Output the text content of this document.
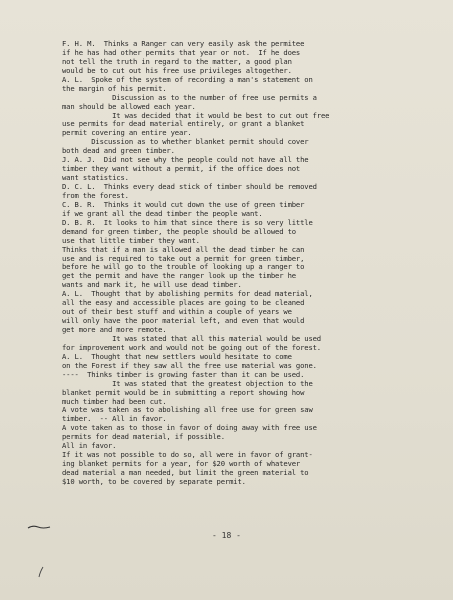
F. H. M.  Thinks a Ranger can very easily ask the permitee
if he has had other permits that year or not.  If he does
not tell the truth in regard to the matter, a good plan
would be to cut out his free use privileges altogether.
A. L.  Spoke of the system of recording a man's statement on
the margin of his permit.
Discussion as to the number of free use permits a
man should be allowed each year.
It was decided that it would be best to cut out free
use permits for dead material entirely, or grant a blanket
permit covering an entire year.
Discussion as to whether blanket permit should cover
both dead and green timber.
J. A. J.  Did not see why the people could not have all the
timber they want without a permit, if the office does not
want statistics.
D. C. L.  Thinks every dead stick of timber should be removed
from the forest.
C. B. R.  Thinks it would cut down the use of green timber
if we grant all the dead timber the people want.
D. B. R.  It looks to him that since there is so very little
demand for green timber, the people should be allowed to
use that little timber they want.
Thinks that if a man is allowed all the dead timber he can
use and is required to take out a permit for green timber,
before he will go to the trouble of looking up a ranger to
get the permit and have the ranger look up the timber he
wants and mark it, he will use dead timber.
A. L.  Thought that by abolishing permits for dead material,
all the easy and accessible places are going to be cleaned
out of their best stuff and within a couple of years we
will only have the poor material left, and even that would
get more and more remote.
It was stated that all this material would be used
for improvement work and would not be going out of the forest.
A. L.  Thought that new settlers would hesitate to come
on the Forest if they saw all the free use material was gone.
----  Thinks timber is growing faster than it can be used.
It was stated that the greatest objection to the
blanket permit would be in submitting a report showing how
much timber had been cut.
A vote was taken as to abolishing all free use for green saw
timber.  -- All in favor.
A vote taken as to those in favor of doing away with free use
permits for dead material, if possible.
All in favor.
If it was not possible to do so, all were in favor of grant-
ing blanket permits for a year, for $20 worth of whatever
dead material a man needed, but limit the green material to
$10 worth, to be covered by separate permit.
- 18 -
